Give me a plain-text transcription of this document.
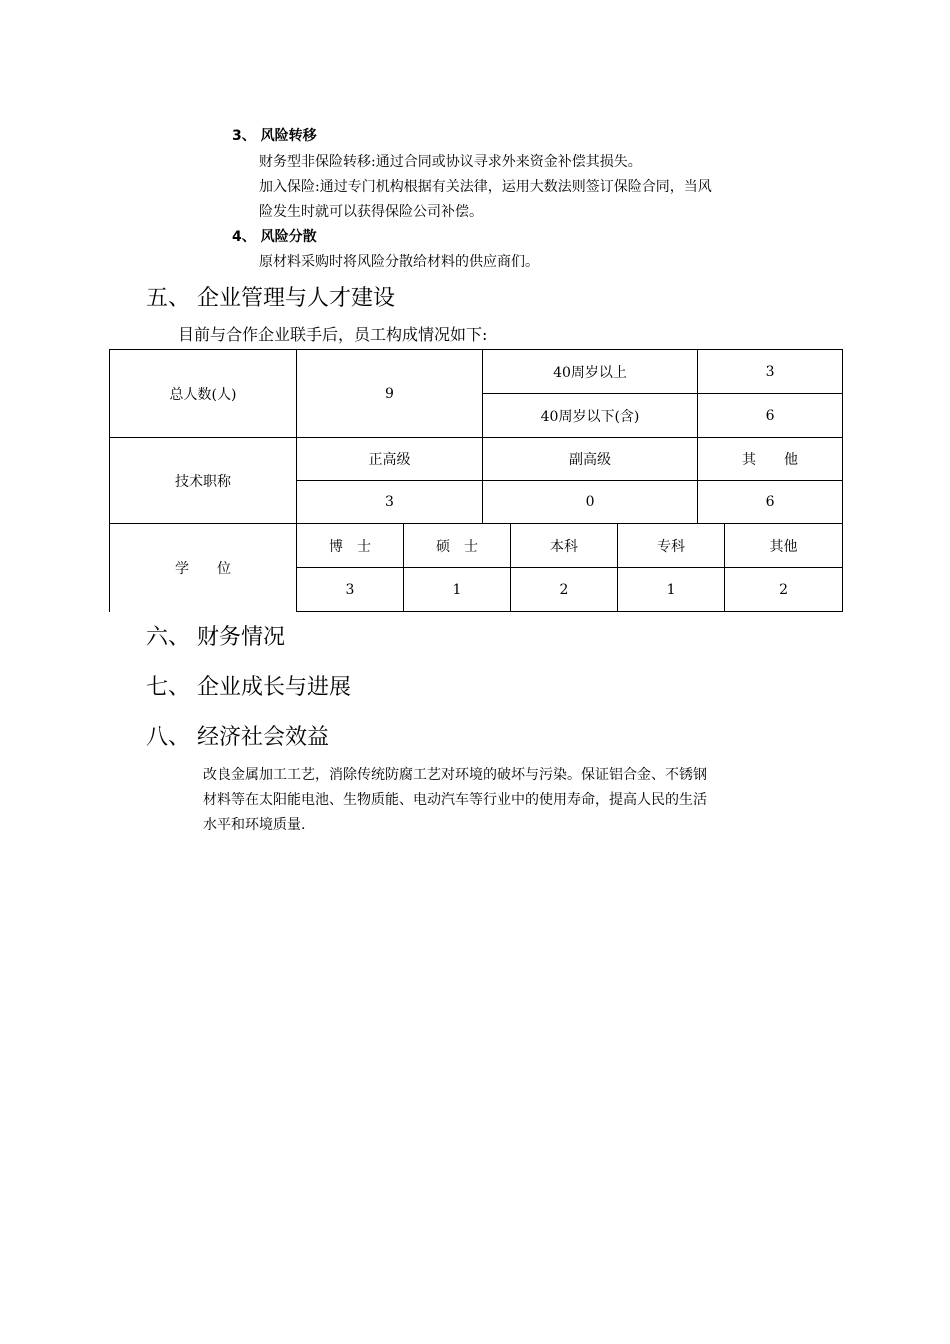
3、 风险转移
财务型非保险转移:通过合同或协议寻求外来资金补偿其损失。
加入保险:通过专门机构根据有关法律，运用大数法则签订保险合同，当风
险发生时就可以获得保险公司补偿。
4、 风险分散
原材料采购时将风险分散给材料的供应商们。
五、 企业管理与人才建设
目前与合作企业联手后，员工构成情况如下:
总人数(人)	9		40周岁以上			3	
			40周岁以下(含)			6	
技术职称	正高级		副高级			其　　他	
	3		0			6	
学　　位	博　士	硕　士		本科	专科		其他
	3	1		2	1		2
六、 财务情况
七、 企业成长与进展
八、 经济社会效益
改良金属加工工艺，消除传统防腐工艺对环境的破坏与污染。保证铝合金、不锈钢
材料等在太阳能电池、生物质能、电动汽车等行业中的使用寿命，提高人民的生活
水平和环境质量.
